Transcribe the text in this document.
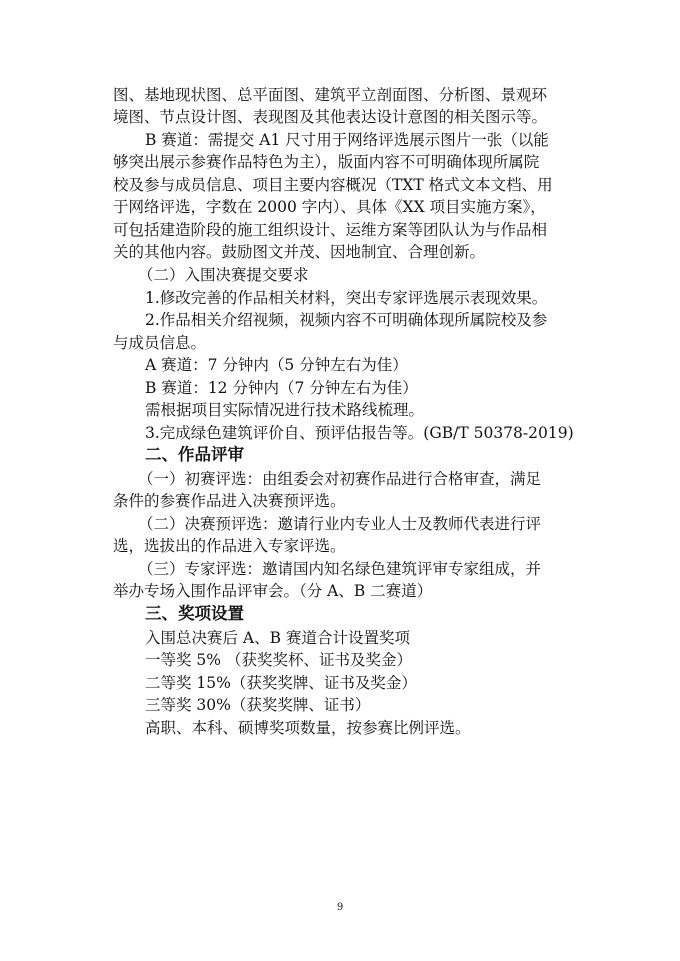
图、基地现状图、总平面图、建筑平立剖面图、分析图、景观环
境图、节点设计图、表现图及其他表达设计意图的相关图示等。
B 赛道：需提交 A1 尺寸用于网络评选展示图片一张（以能
够突出展示参赛作品特色为主），版面内容不可明确体现所属院
校及参与成员信息、项目主要内容概况（TXT 格式文本文档、用
于网络评选，字数在 2000 字内）、具体《XX 项目实施方案》，
可包括建造阶段的施工组织设计、运维方案等团队认为与作品相
关的其他内容。鼓励图文并茂、因地制宜、合理创新。
（二）入围决赛提交要求
1.修改完善的作品相关材料，突出专家评选展示表现效果。
2.作品相关介绍视频，视频内容不可明确体现所属院校及参
与成员信息。
A 赛道：7 分钟内（5 分钟左右为佳）
B 赛道：12 分钟内（7 分钟左右为佳）
需根据项目实际情况进行技术路线梳理。
3.完成绿色建筑评价自、预评估报告等。(GB/T 50378-2019)
二、作品评审
（一）初赛评选：由组委会对初赛作品进行合格审查，满足
条件的参赛作品进入决赛预评选。
（二）决赛预评选：邀请行业内专业人士及教师代表进行评
选，选拔出的作品进入专家评选。
（三）专家评选：邀请国内知名绿色建筑评审专家组成，并
举办专场入围作品评审会。（分 A、B 二赛道）
三、奖项设置
入围总决赛后 A、B 赛道合计设置奖项
一等奖 5% （获奖奖杯、证书及奖金）
二等奖 15%（获奖奖牌、证书及奖金）
三等奖 30%（获奖奖牌、证书）
高职、本科、硕博奖项数量，按参赛比例评选。
9
